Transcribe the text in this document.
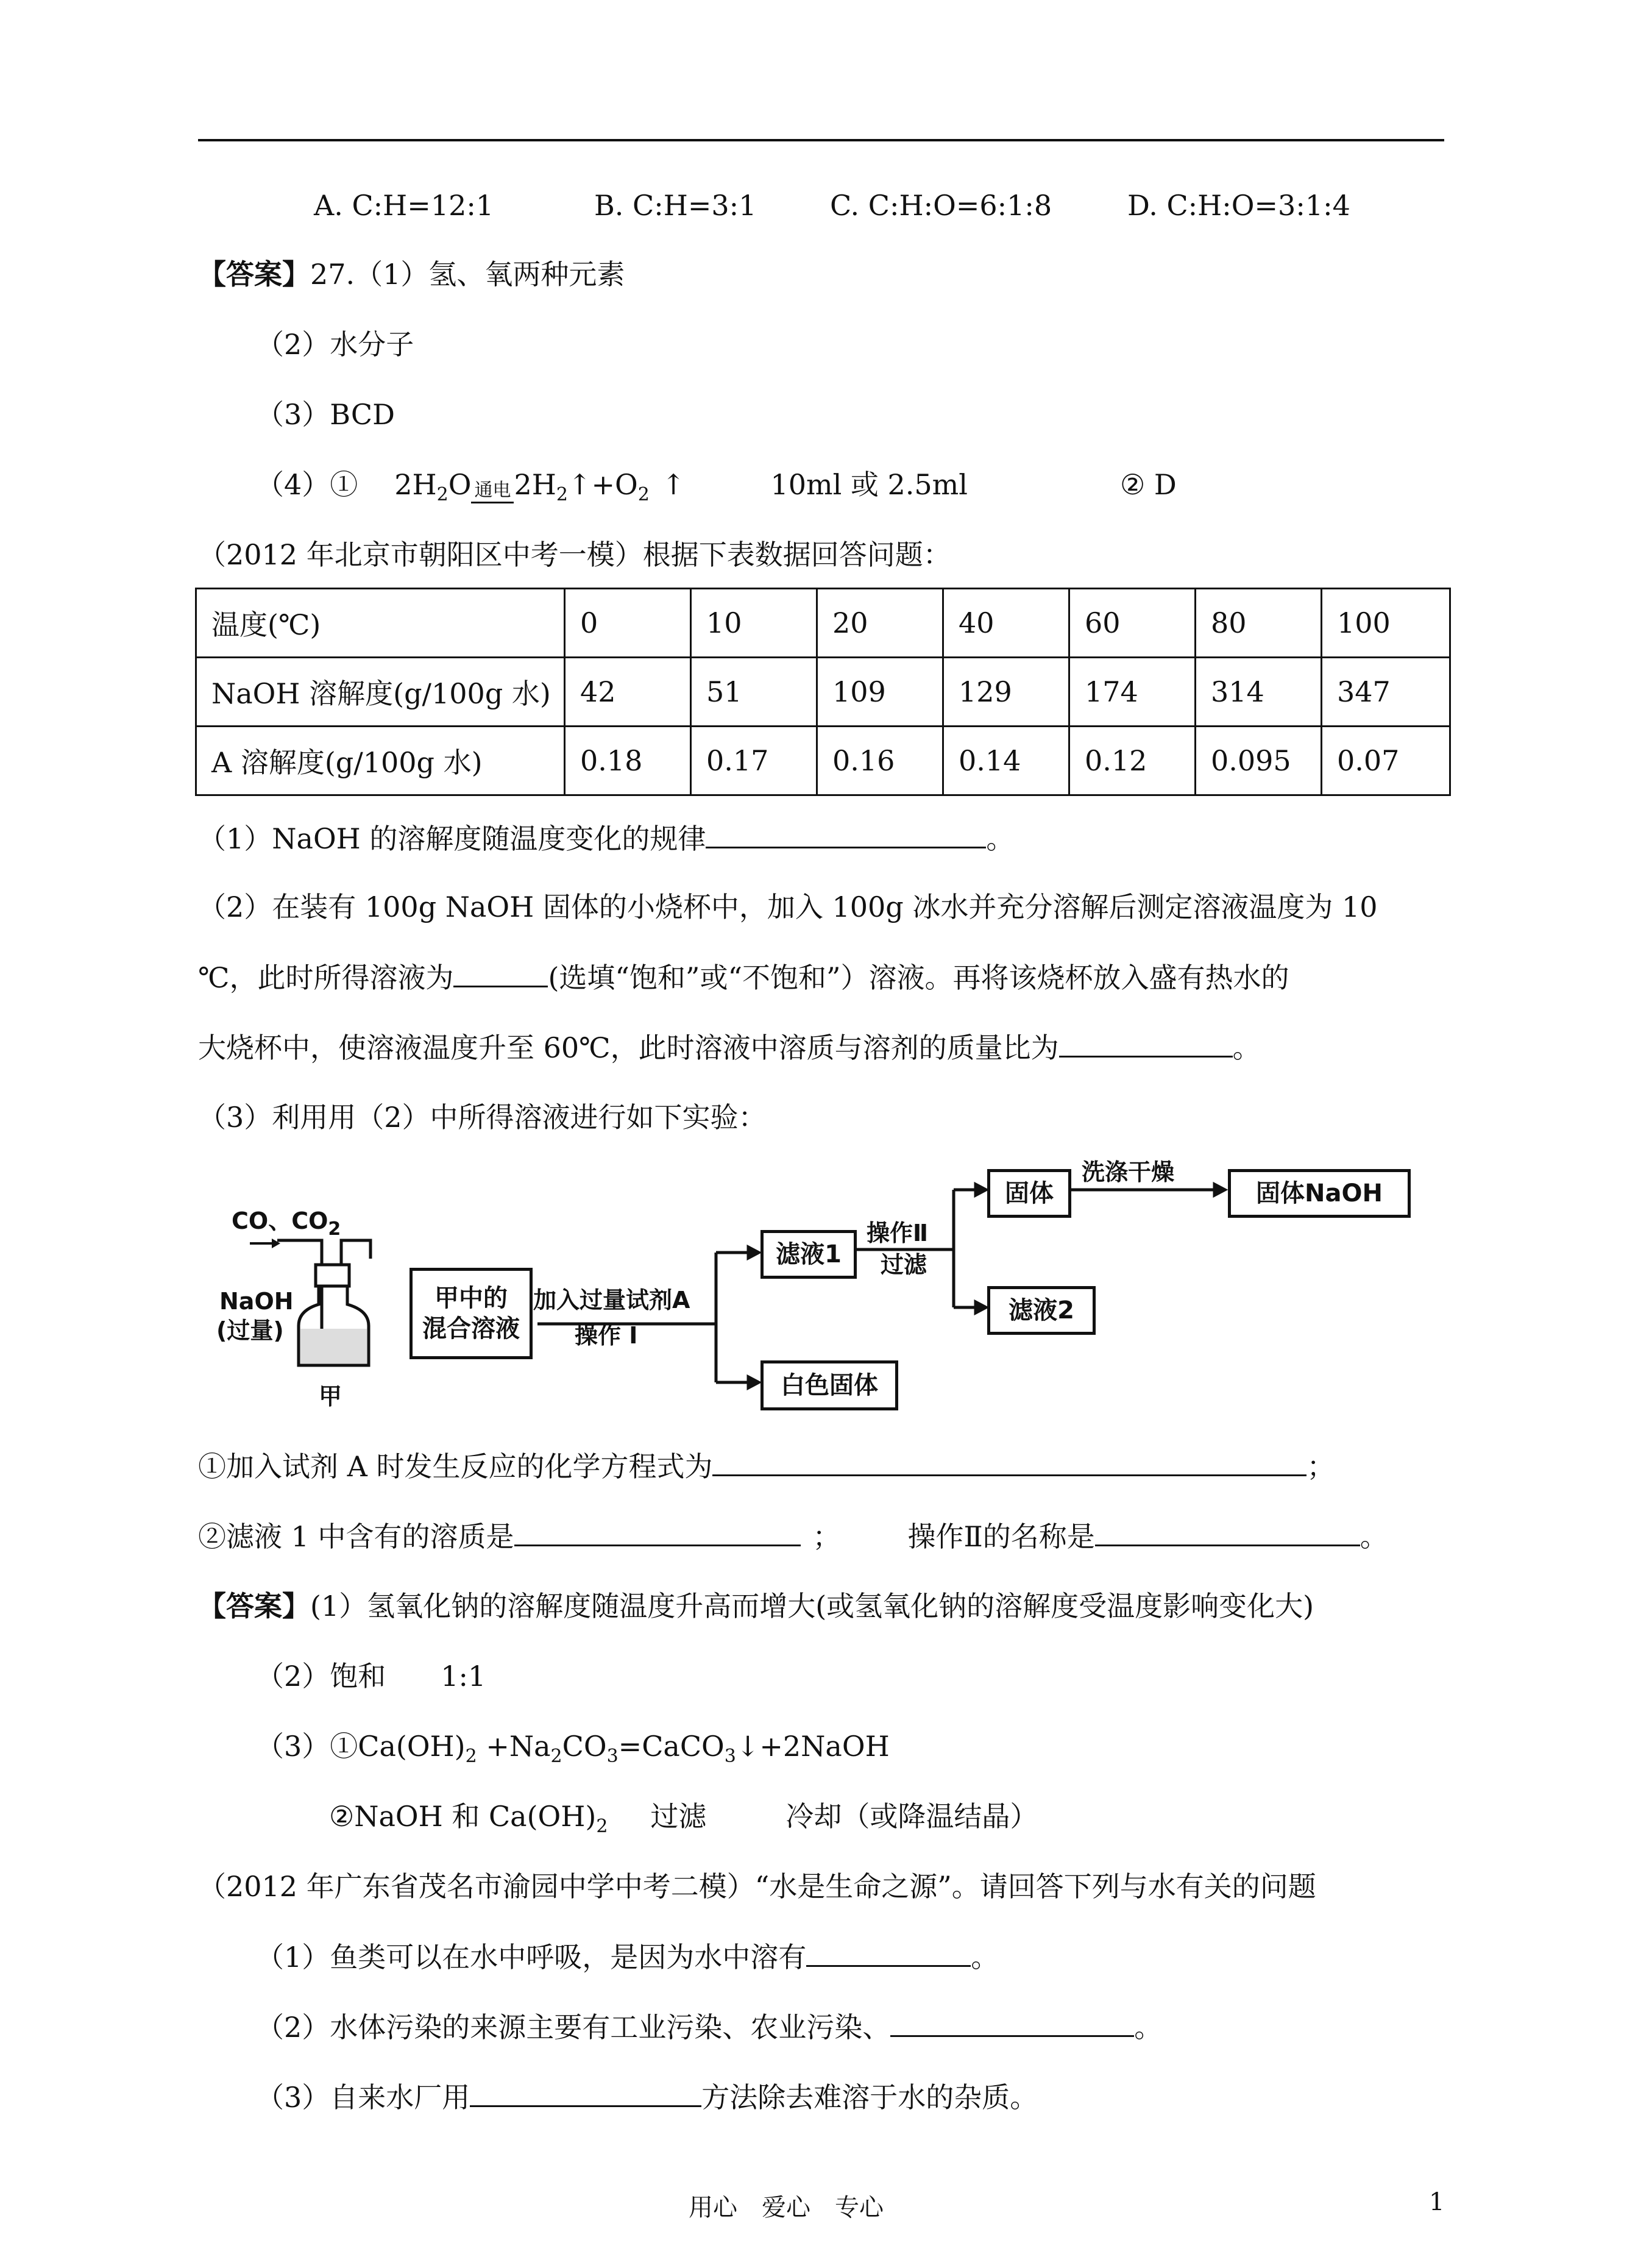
A. C:H=12:1	B. C:H=3:1	C. C:H:O=6:1:8	D. C:H:O=3:1:4
【答案】27.（1）氢、氧两种元素
（2）水分子
（3）BCD
（4）① $2H_2O$ 通电 $2H_2↑+O_2$ ↑	10ml 或 2.5ml	② D
（2012 年北京市朝阳区中考一模）根据下表数据回答问题：
温度(℃)	0	10	20	40	60	80	100
NaOH 溶解度(g/100g 水)	42	51	109	129	174	314	347
A 溶解度(g/100g 水)	0.18	0.17	0.16	0.14	0.12	0.095	0.07
（1）NaOH 的溶解度随温度变化的规律	。
（2）在装有 100g NaOH 固体的小烧杯中，加入 100g 冰水并充分溶解后测定溶液温度为 10
℃，此时所得溶液为	(选填“饱和”或“不饱和”）溶液。再将该烧杯放入盛有热水的
大烧杯中，使溶液温度升至 60℃，此时溶液中溶质与溶剂的质量比为	。
（3）利用用（2）中所得溶液进行如下实验：
CO、$CO_2$
NaOH
(过量)
甲
甲中的
混合溶液
加入过量试剂A
操作 I
滤液1
白色固体
操作Ⅱ
过滤
固体
洗涤干燥
固体NaOH
滤液2
①加入试剂 A 时发生反应的化学方程式为	；
②滤液 1 中含有的溶质是	； 操作Ⅱ的名称是	。
【答案】(1）氢氧化钠的溶解度随温度升高而增大(或氢氧化钠的溶解度受温度影响变化大)
（2）饱和 1:1
$(3)①Ca(OH)_2$ $+Na_2CO_3=CaCO_3↓+2NaOH$
②NaOH 和 $Ca(OH)_2$ 过滤	冷却（或降温结晶）
（2012 年广东省茂名市渝园中学中考二模）“水是生命之源”。请回答下列与水有关的问题
（1）鱼类可以在水中呼吸，是因为水中溶有	。
（2）水体污染的来源主要有工业污染、农业污染、	。
（3）自来水厂用	方法除去难溶于水的杂质。
用心　爱心　专心	1
